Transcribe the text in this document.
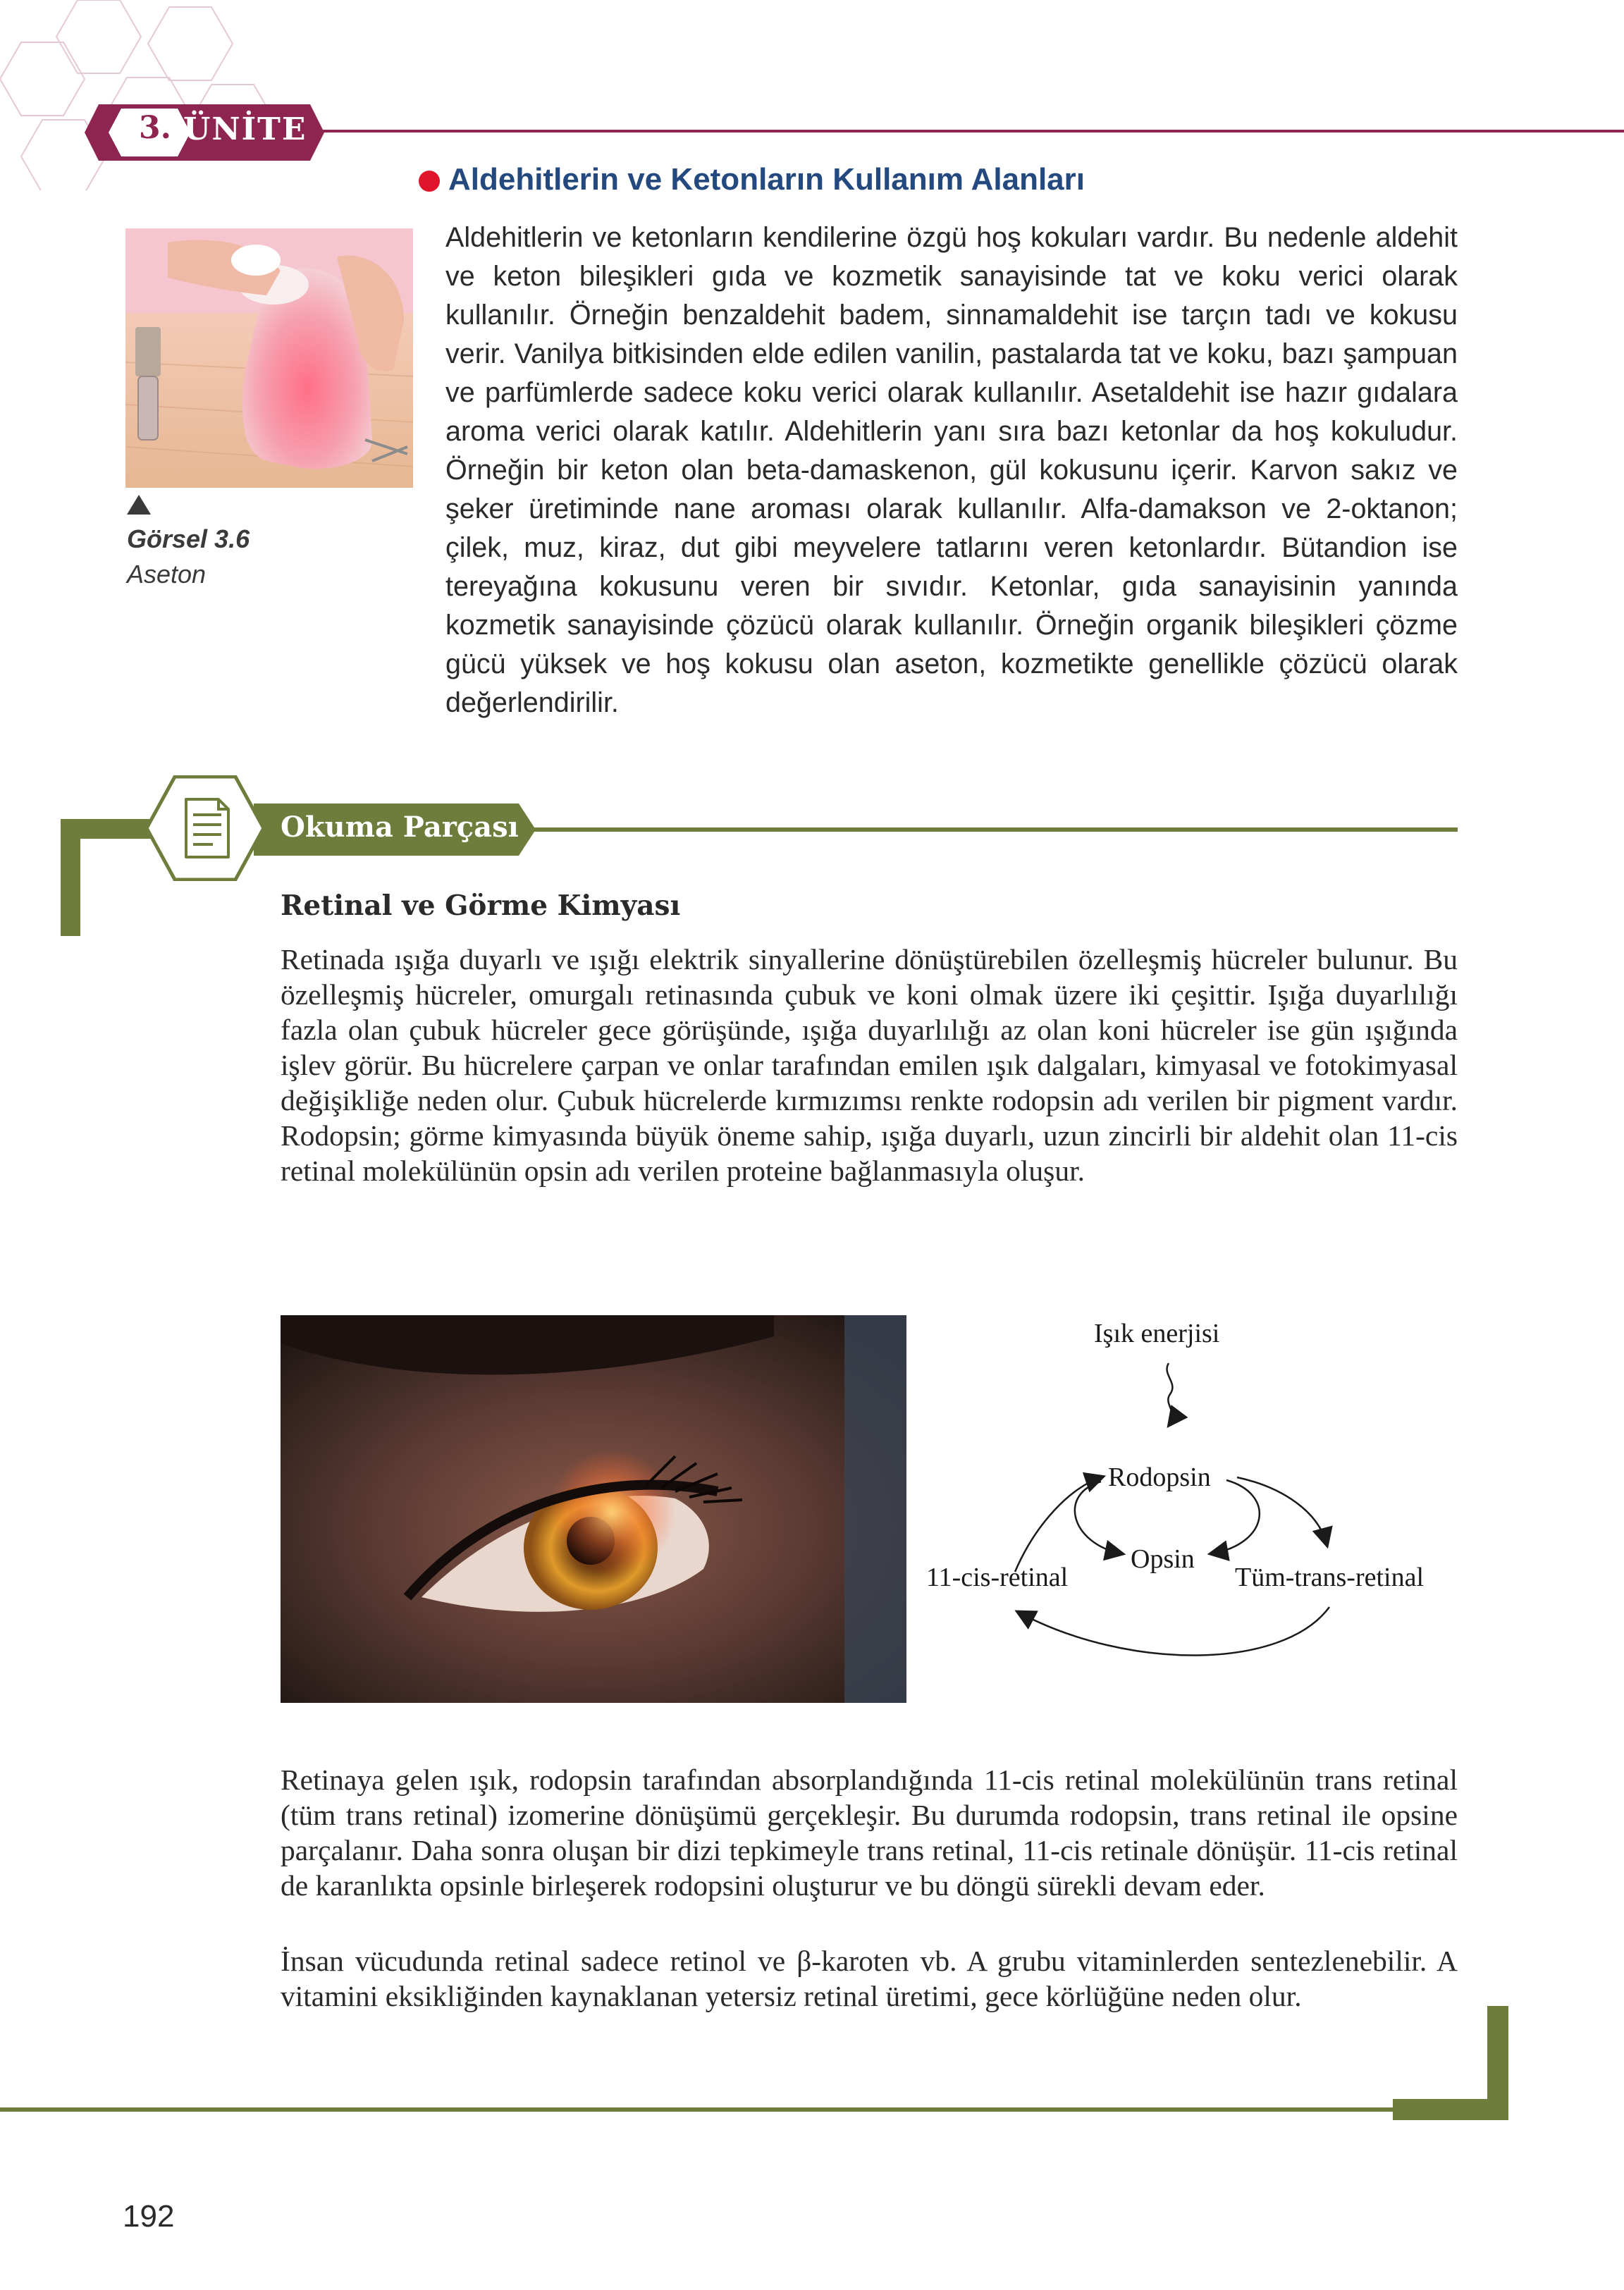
3. ÜNİTE
Aldehitlerin ve Ketonların Kullanım Alanları
Görsel 3.6
Aseton
Aldehitlerin ve ketonların kendilerine özgü hoş kokuları vardır. Bu nedenle aldehit ve keton bileşikleri gıda ve kozmetik sanayisinde tat ve koku verici olarak kullanılır. Örneğin benzaldehit badem, sinnamaldehit ise tarçın tadı ve kokusu verir. Vanilya bitkisinden elde edilen vanilin, pastalarda tat ve koku, bazı şampuan ve parfümlerde sadece koku verici olarak kullanılır. Asetaldehit ise hazır gıdalara aroma verici olarak katılır. Aldehitlerin yanı sıra bazı ketonlar da hoş kokuludur. Örneğin bir keton olan beta-damaskenon, gül kokusunu içerir. Karvon sakız ve şeker üretiminde nane aroması olarak kullanılır. Alfa-damakson ve 2-oktanon; çilek, muz, kiraz, dut gibi meyvelere tatlarını veren ketonlardır. Bütandion ise tereyağına kokusunu veren bir sıvıdır. Ketonlar, gıda sanayisinin yanında kozmetik sanayisinde çözücü olarak kullanılır. Örneğin organik bileşikleri çözme gücü yüksek ve hoş kokusu olan aseton, kozmetikte genellikle çözücü olarak değerlendirilir.
Okuma Parçası
Retinal ve Görme Kimyası
Retinada ışığa duyarlı ve ışığı elektrik sinyallerine dönüştürebilen özelleşmiş hücreler bulunur. Bu özelleşmiş hücreler, omurgalı retinasında çubuk ve koni olmak üzere iki çeşittir. Işığa duyarlılığı fazla olan çubuk hücreler gece görüşünde, ışığa duyarlılığı az olan koni hücreler ise gün ışığında işlev görür. Bu hücrelere çarpan ve onlar tarafından emilen ışık dalgaları, kimyasal ve fotokimyasal değişikliğe neden olur. Çubuk hücrelerde kırmızımsı renkte rodopsin adı verilen bir pigment vardır. Rodopsin; görme kimyasında büyük öneme sahip, ışığa duyarlı, uzun zincirli bir aldehit olan 11-cis retinal molekülünün opsin adı verilen proteine bağlanmasıyla oluşur.
Işık enerjisi
Rodopsin
Opsin
11-cis-retinal	Tüm-trans-retinal
Retinaya gelen ışık, rodopsin tarafından absorplandığında 11-cis retinal molekülünün trans retinal (tüm trans retinal) izomerine dönüşümü gerçekleşir. Bu durumda rodopsin, trans retinal ile opsine parçalanır. Daha sonra oluşan bir dizi tepkimeyle trans retinal, 11-cis retinale dönüşür. 11-cis retinal de karanlıkta opsinle birleşerek rodopsini oluşturur ve bu döngü sürekli devam eder.
İnsan vücudunda retinal sadece retinol ve β-karoten vb. A grubu vitaminlerden sentezlenebilir. A vitamini eksikliğinden kaynaklanan yetersiz retinal üretimi, gece körlüğüne neden olur.
192
